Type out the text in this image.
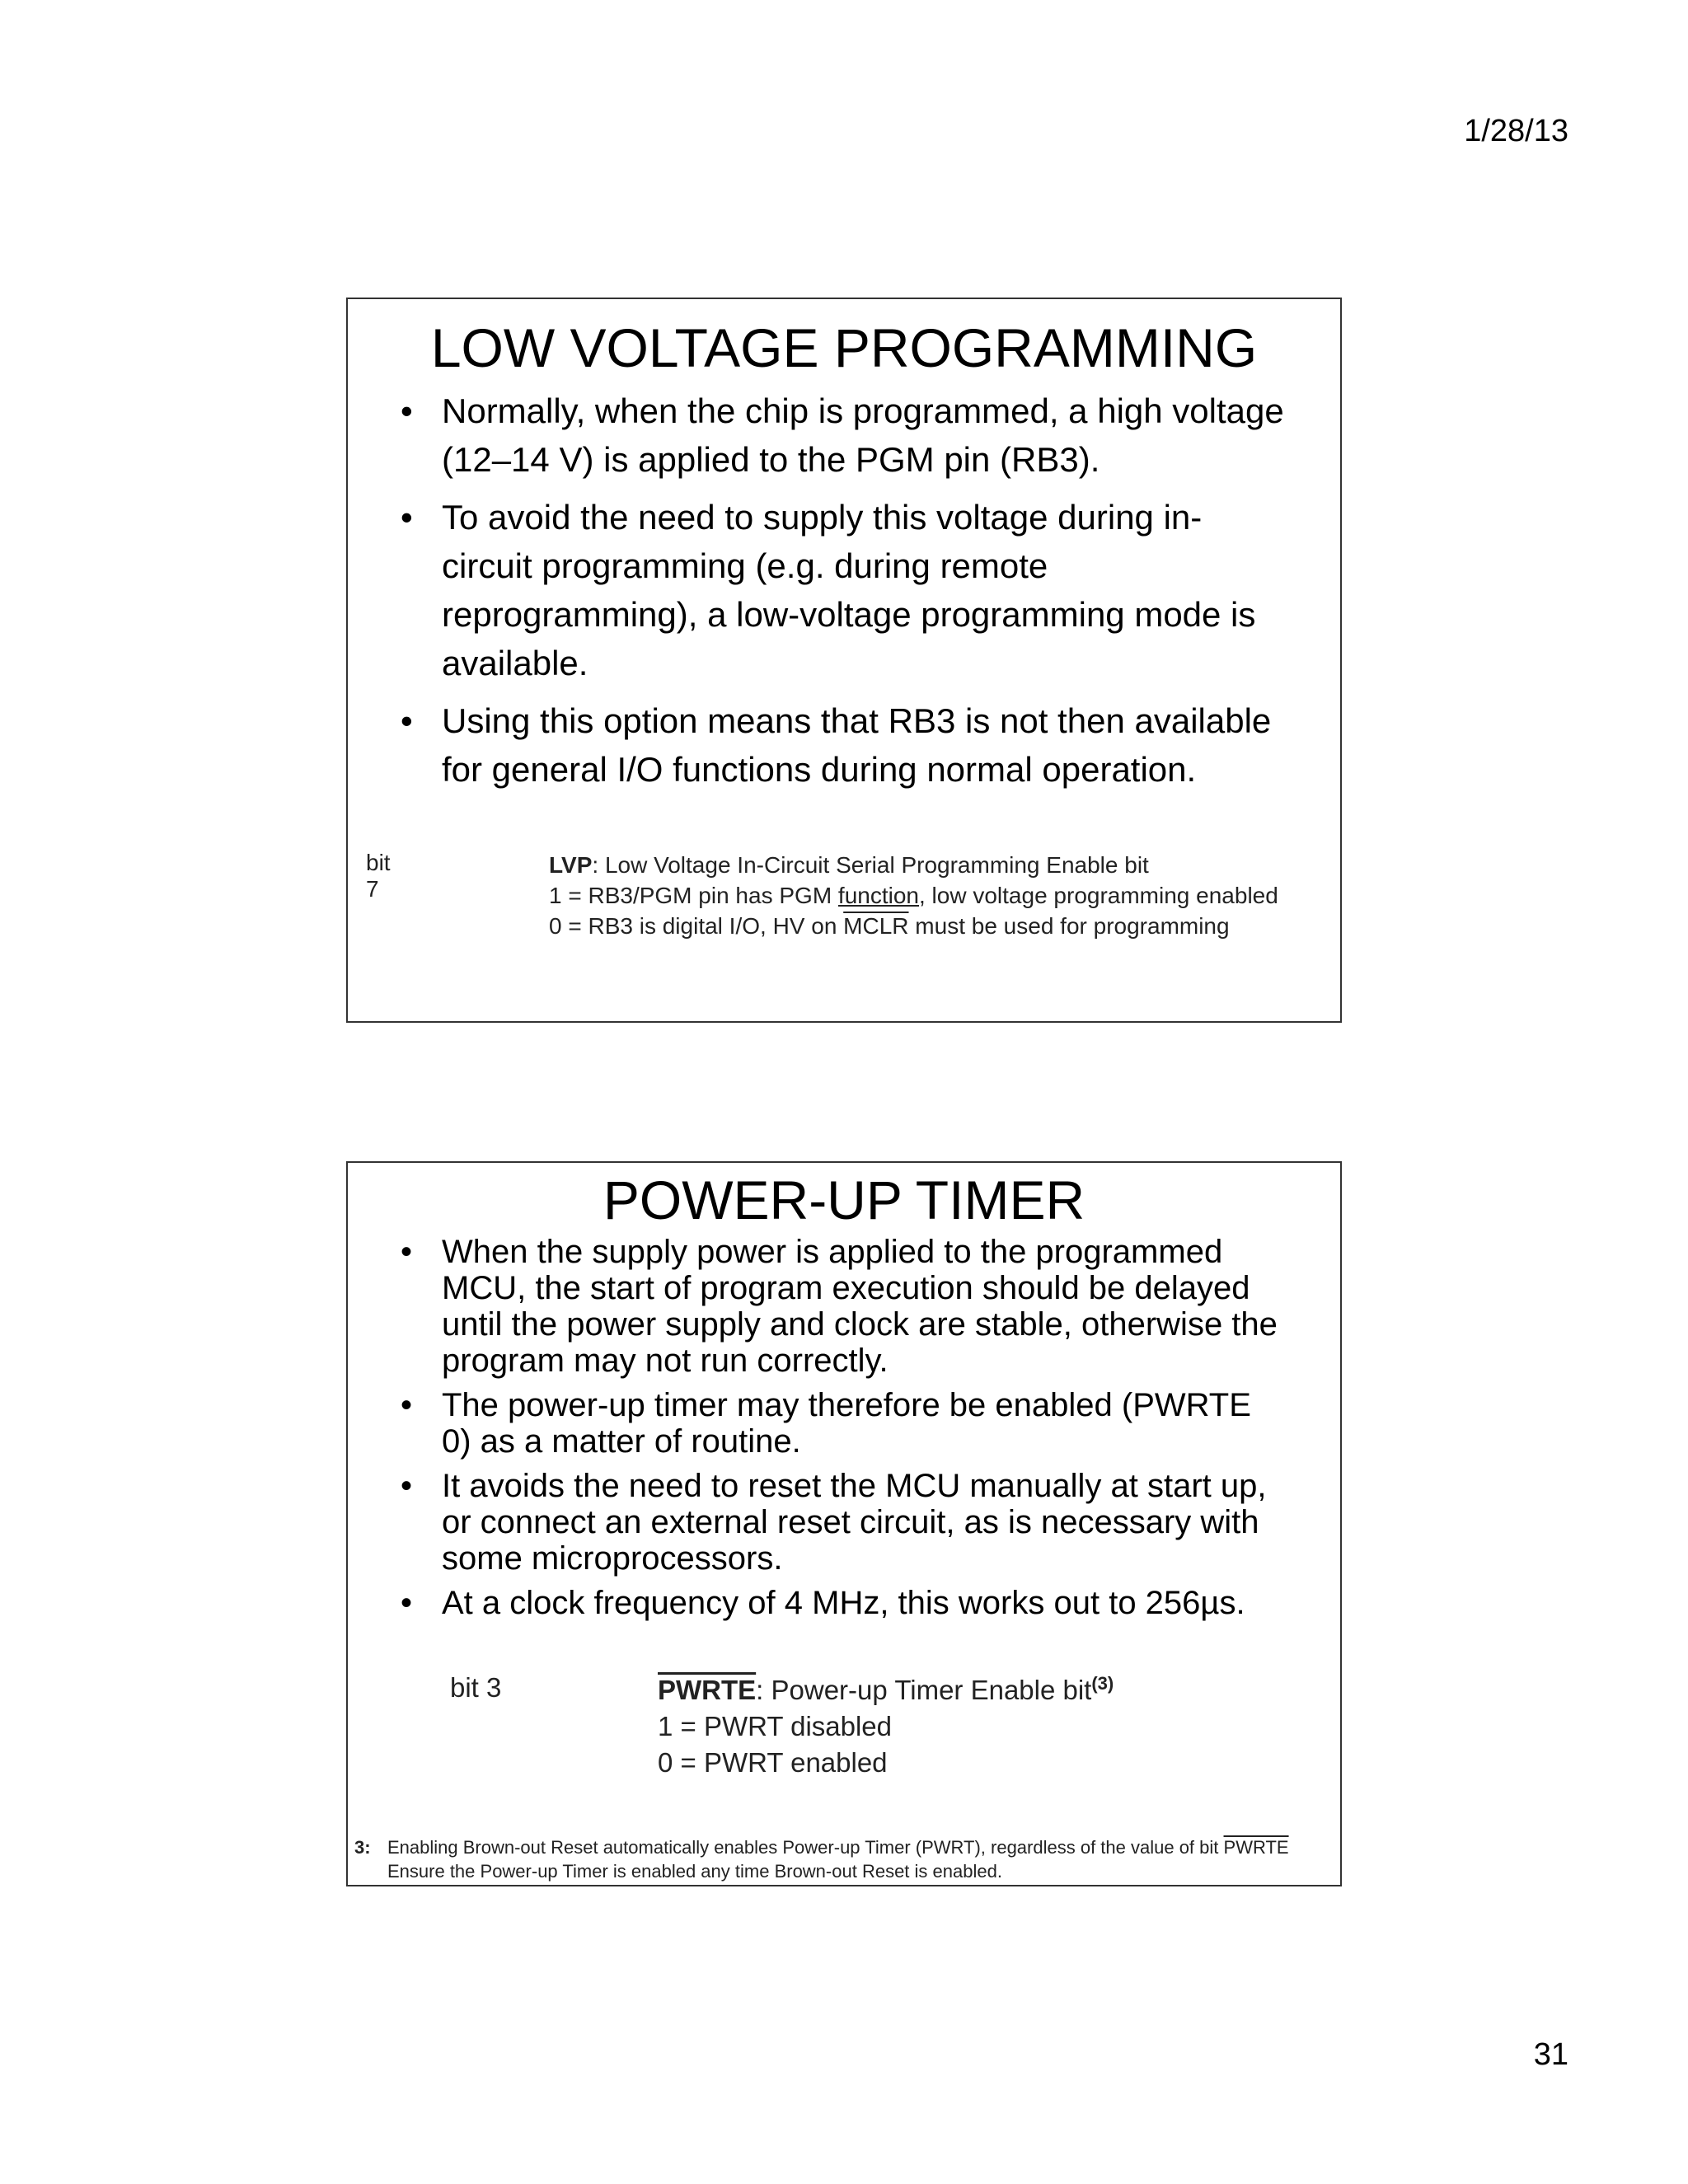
1/28/13
LOW VOLTAGE PROGRAMMING
• Normally, when the chip is programmed, a high voltage (12–14 V) is applied to the PGM pin (RB3).
• To avoid the need to supply this voltage during in-circuit programming (e.g. during remote reprogramming), a low-voltage programming mode is available.
• Using this option means that RB3 is not then available for general I/O functions during normal operation.
bit 7
LVP: Low Voltage In-Circuit Serial Programming Enable bit
1 = RB3/PGM pin has PGM function, low voltage programming enabled
0 = RB3 is digital I/O, HV on MCLR must be used for programming
POWER-UP TIMER
• When the supply power is applied to the programmed MCU, the start of program execution should be delayed until the power supply and clock are stable, otherwise the program may not run correctly.
• The power-up timer may therefore be enabled (PWRTE 0) as a matter of routine.
• It avoids the need to reset the MCU manually at start up, or connect an external reset circuit, as is necessary with some microprocessors.
• At a clock frequency of 4 MHz, this works out to 256µs.
bit 3	PWRTE: Power-up Timer Enable bit$^{(3)}$
1 = PWRT disabled
0 = PWRT enabled
3: Enabling Brown-out Reset automatically enables Power-up Timer (PWRT), regardless of the value of bit PWRTE
Ensure the Power-up Timer is enabled any time Brown-out Reset is enabled.
31
